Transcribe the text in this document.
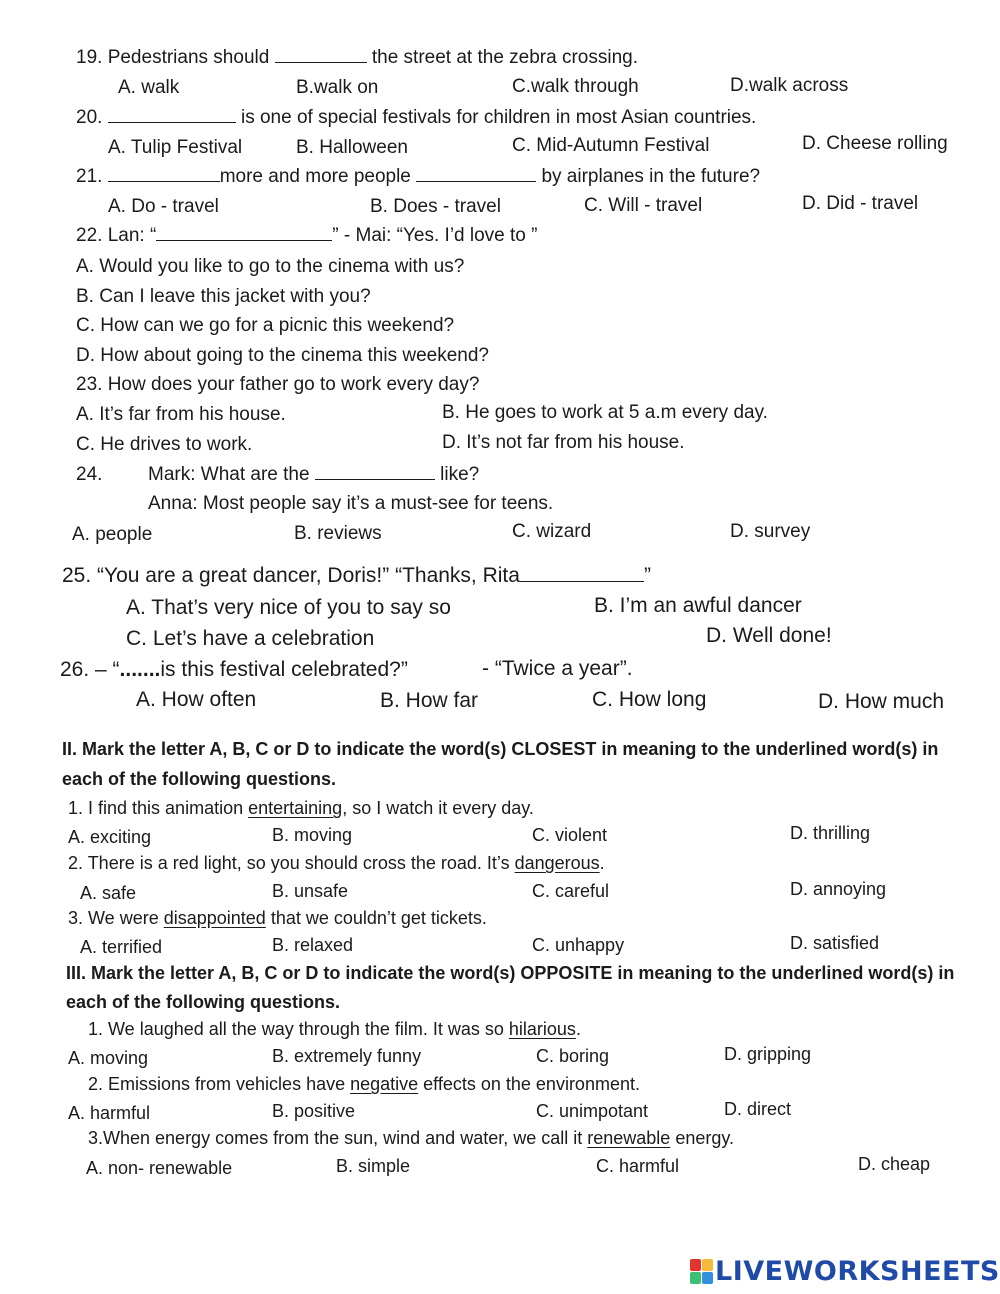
19. Pedestrians should	the street at the zebra crossing.
A. walk	B.walk on	C.walk through	D.walk across
20.	is one of special festivals for children in most Asian countries.
A. Tulip Festival	B. Halloween	C. Mid-Autumn Festival	D. Cheese rolling
21.	more and more people	by airplanes in the future?
A. Do - travel	B. Does - travel	C. Will - travel	D. Did - travel
22. Lan: “	” - Mai: “Yes. I’d love to ”
A. Would you like to go to the cinema with us?
B. Can I leave this jacket with you?
C. How can we go for a picnic this weekend?
D. How about going to the cinema this weekend?
23. How does your father go to work every day?
A. It’s far from his house.	B. He goes to work at 5 a.m every day.
C. He drives to work.	D. It’s not far from his house.
24. Mark: What are the	like?
Anna: Most people say it’s a must-see for teens.
A. people	B. reviews	C. wizard	D. survey
25. “You are a great dancer, Doris!” “Thanks, Rita	”
A. That’s very nice of you to say so	B. I’m an awful dancer
C. Let’s have a celebration	D. Well done!
26. – “.......is this festival celebrated?”	- “Twice a year”.
A. How often	B. How far	C. How long	D. How much
II. Mark the letter A, B, C or D to indicate the word(s) CLOSEST in meaning to the underlined word(s) in
each of the following questions.
1. I find this animation entertaining, so I watch it every day.
A. exciting	B. moving	C. violent	D. thrilling
2. There is a red light, so you should cross the road. It’s dangerous.
A. safe	B. unsafe	C. careful	D. annoying
3. We were disappointed that we couldn’t get tickets.
A. terrified	B. relaxed	C. unhappy	D. satisfied
III. Mark the letter A, B, C or D to indicate the word(s) OPPOSITE in meaning to the underlined word(s) in
each of the following questions.
1. We laughed all the way through the film. It was so hilarious.
A. moving	B. extremely funny	C. boring	D. gripping
2. Emissions from vehicles have negative effects on the environment.
A. harmful	B. positive	C. unimpotant	D. direct
3.When energy comes from the sun, wind and water, we call it renewable energy.
A. non- renewable	B. simple	C. harmful	D. cheap
LIVEWORKSHEETS
